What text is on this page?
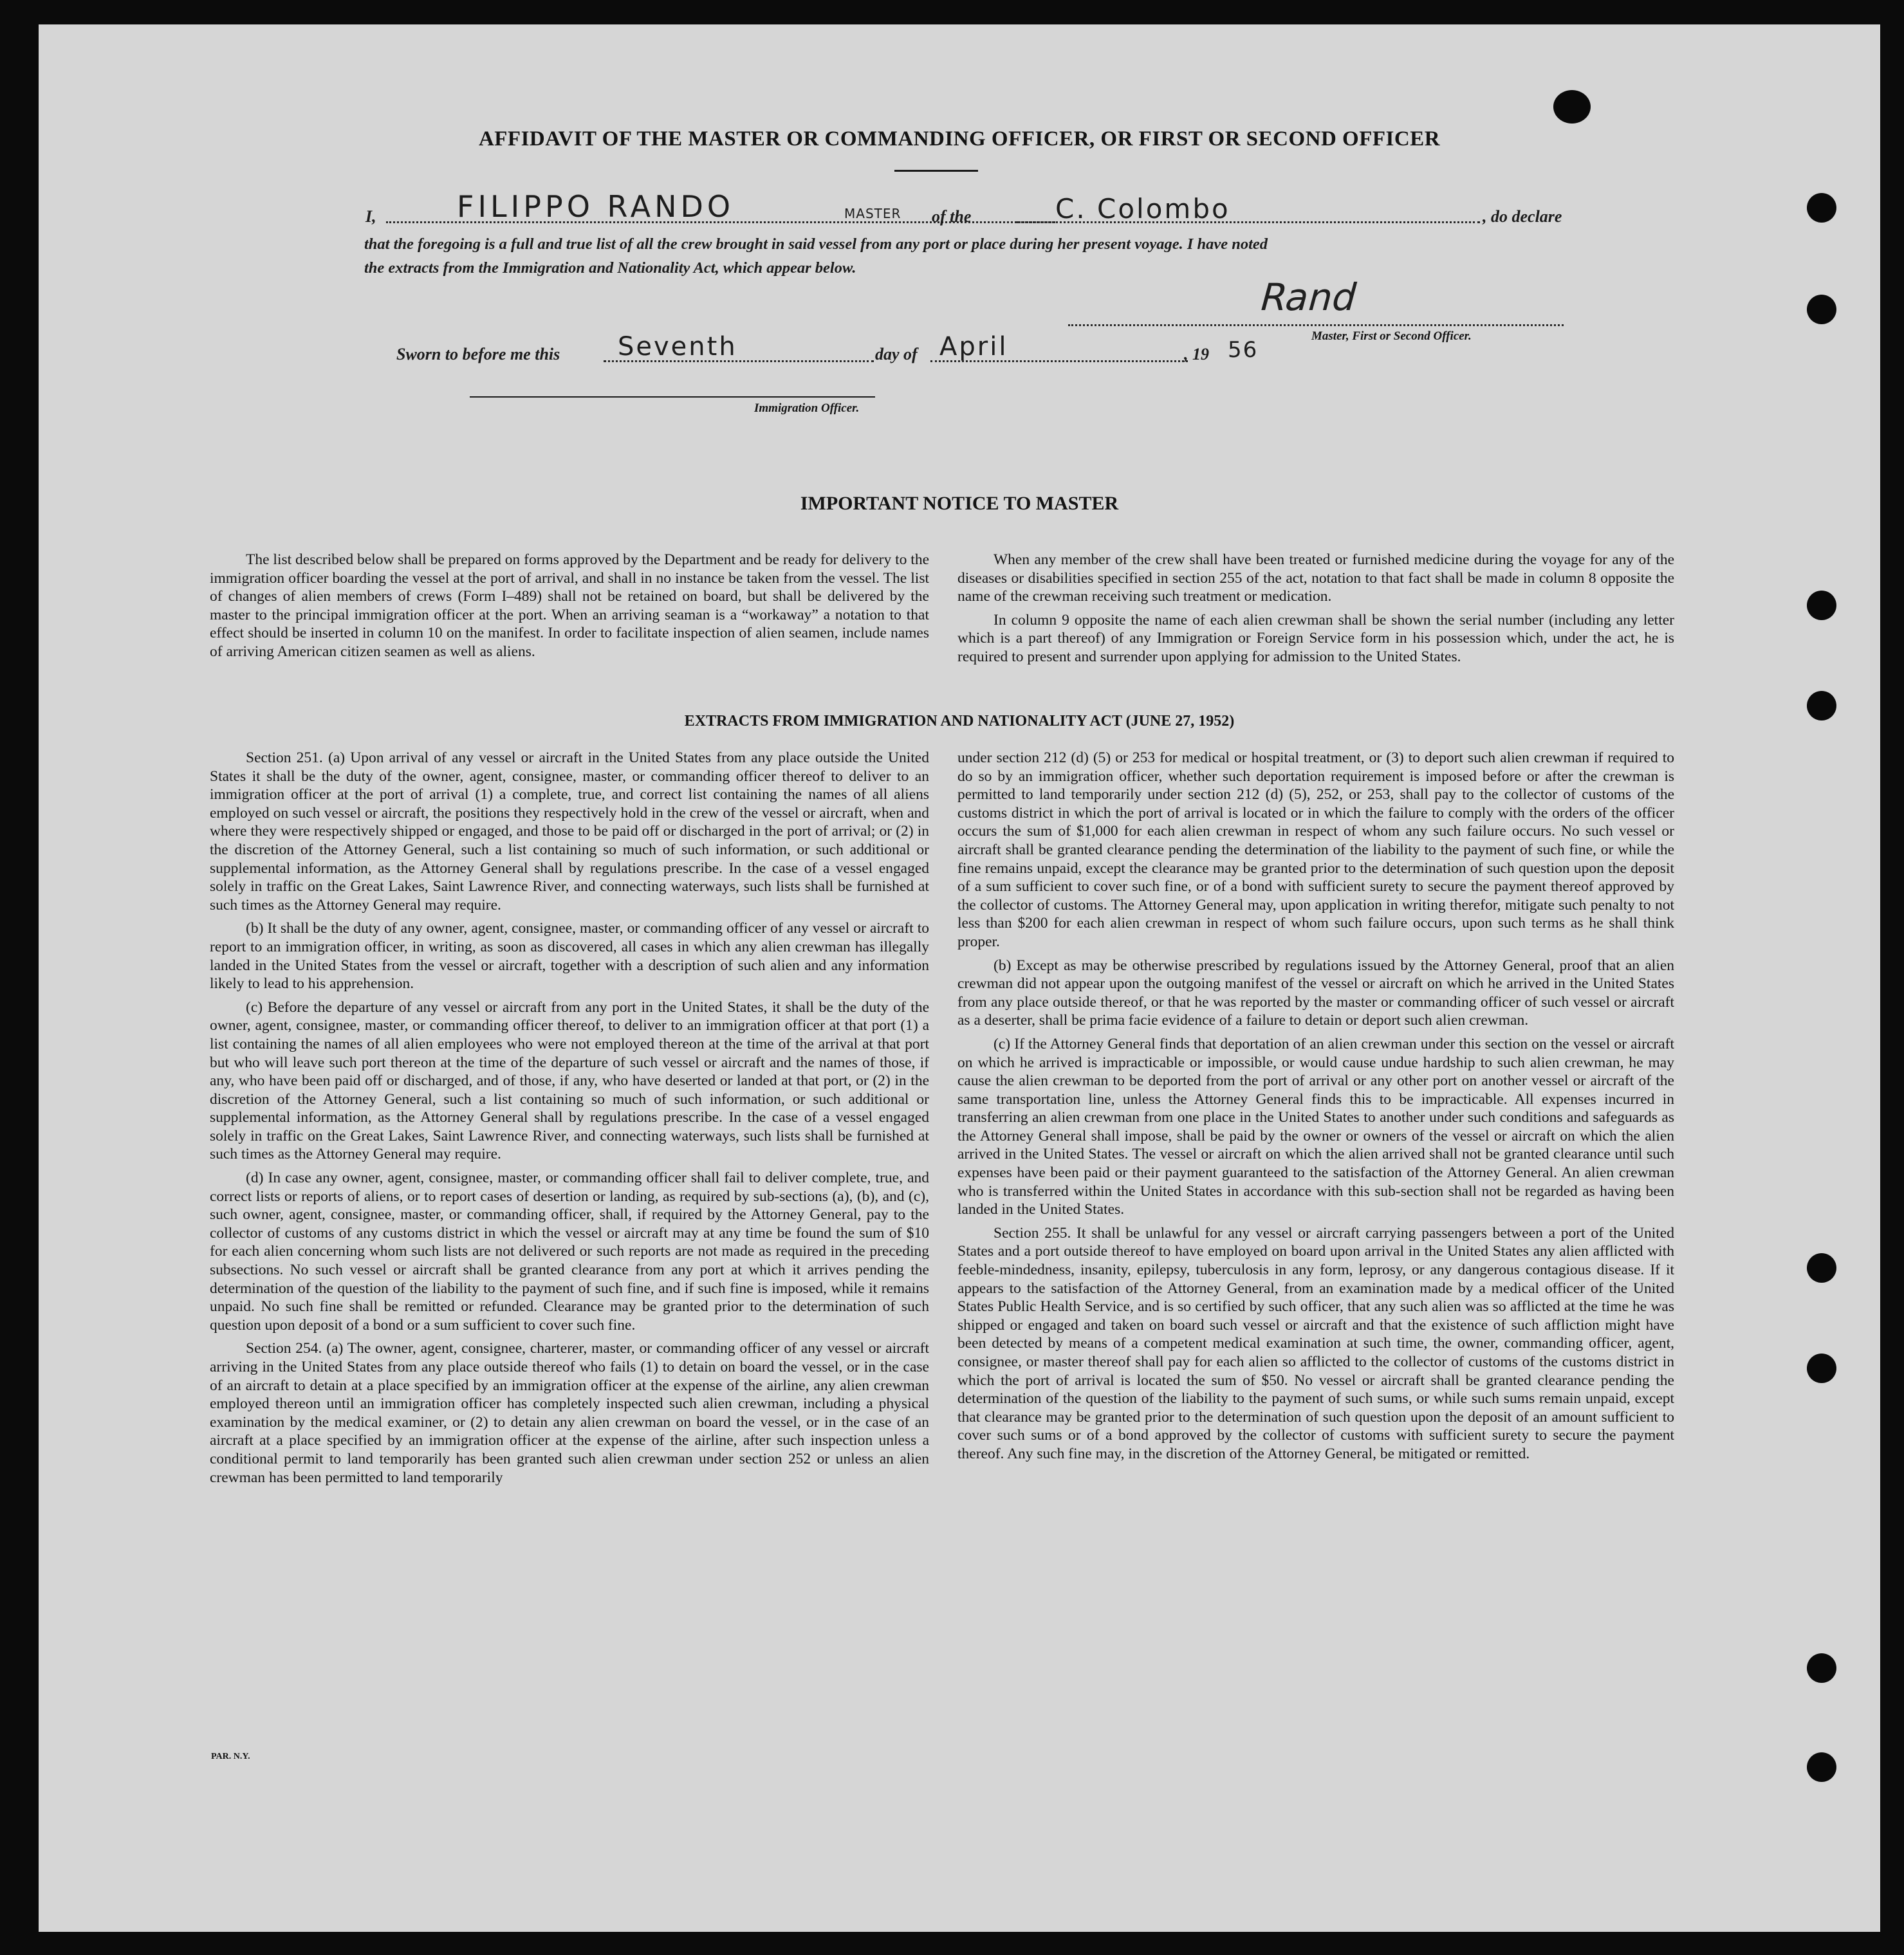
AFFIDAVIT OF THE MASTER OR COMMANDING OFFICER, OR FIRST OR SECOND OFFICER
I,	FILIPPO RANDO	MASTER of the	C. Colombo	, do declare
that the foregoing is a full and true list of all the crew brought in said vessel from any port or place during her present voyage. I have noted
the extracts from the Immigration and Nationality Act, which appear below.
Rand
Master, First or Second Officer.
Sworn to before me this Seventh	day of April	, 19 56
Immigration Officer.
IMPORTANT NOTICE TO MASTER

The list described below shall be prepared on forms approved by the Department and be ready for delivery to the immigration officer boarding the vessel at the port of arrival, and shall in no instance be taken from the vessel. The list of changes of alien members of crews (Form I–489) shall not be retained on board, but shall be delivered by the master to the principal immigration officer at the port. When an arriving seaman is a “workaway” a notation to that effect should be inserted in column 10 on the manifest. In order to facilitate inspection of alien seamen, include names of arriving American citizen seamen as well as aliens.

When any member of the crew shall have been treated or furnished medicine during the voyage for any of the diseases or disabilities specified in section 255 of the act, notation to that fact shall be made in column 8 opposite the name of the crewman receiving such treatment or medication.

In column 9 opposite the name of each alien crewman shall be shown the serial number (including any letter which is a part thereof) of any Immigration or Foreign Service form in his possession which, under the act, he is required to present and surrender upon applying for admission to the United States.

EXTRACTS FROM IMMIGRATION AND NATIONALITY ACT (JUNE 27, 1952)

Section 251. (a) Upon arrival of any vessel or aircraft in the United States from any place outside the United States it shall be the duty of the owner, agent, consignee, master, or commanding officer thereof to deliver to an immigration officer at the port of arrival (1) a complete, true, and correct list containing the names of all aliens employed on such vessel or aircraft, the positions they respectively hold in the crew of the vessel or aircraft, when and where they were respectively shipped or engaged, and those to be paid off or discharged in the port of arrival; or (2) in the discretion of the Attorney General, such a list containing so much of such information, or such additional or supplemental information, as the Attorney General shall by regulations prescribe. In the case of a vessel engaged solely in traffic on the Great Lakes, Saint Lawrence River, and connecting waterways, such lists shall be furnished at such times as the Attorney General may require.

(b) It shall be the duty of any owner, agent, consignee, master, or commanding officer of any vessel or aircraft to report to an immigration officer, in writing, as soon as discovered, all cases in which any alien crewman has illegally landed in the United States from the vessel or aircraft, together with a description of such alien and any information likely to lead to his apprehension.

(c) Before the departure of any vessel or aircraft from any port in the United States, it shall be the duty of the owner, agent, consignee, master, or commanding officer thereof, to deliver to an immigration officer at that port (1) a list containing the names of all alien employees who were not employed thereon at the time of the arrival at that port but who will leave such port thereon at the time of the departure of such vessel or aircraft and the names of those, if any, who have been paid off or discharged, and of those, if any, who have deserted or landed at that port, or (2) in the discretion of the Attorney General, such a list containing so much of such information, or such additional or supplemental information, as the Attorney General shall by regulations prescribe. In the case of a vessel engaged solely in traffic on the Great Lakes, Saint Lawrence River, and connecting waterways, such lists shall be furnished at such times as the Attorney General may require.

(d) In case any owner, agent, consignee, master, or commanding officer shall fail to deliver complete, true, and correct lists or reports of aliens, or to report cases of desertion or landing, as required by sub-sections (a), (b), and (c), such owner, agent, consignee, master, or commanding officer, shall, if required by the Attorney General, pay to the collector of customs of any customs district in which the vessel or aircraft may at any time be found the sum of $10 for each alien concerning whom such lists are not delivered or such reports are not made as required in the preceding subsections. No such vessel or aircraft shall be granted clearance from any port at which it arrives pending the determination of the question of the liability to the payment of such fine, and if such fine is imposed, while it remains unpaid. No such fine shall be remitted or refunded. Clearance may be granted prior to the determination of such question upon deposit of a bond or a sum sufficient to cover such fine.

Section 254. (a) The owner, agent, consignee, charterer, master, or commanding officer of any vessel or aircraft arriving in the United States from any place outside thereof who fails (1) to detain on board the vessel, or in the case of an aircraft to detain at a place specified by an immigration officer at the expense of the airline, any alien crewman employed thereon until an immigration officer has completely inspected such alien crewman, including a physical examination by the medical examiner, or (2) to detain any alien crewman on board the vessel, or in the case of an aircraft at a place specified by an immigration officer at the expense of the airline, after such inspection unless a conditional permit to land temporarily has been granted such alien crewman under section 252 or unless an alien crewman has been permitted to land temporarily

under section 212 (d) (5) or 253 for medical or hospital treatment, or (3) to deport such alien crewman if required to do so by an immigration officer, whether such deportation requirement is imposed before or after the crewman is permitted to land temporarily under section 212 (d) (5), 252, or 253, shall pay to the collector of customs of the customs district in which the port of arrival is located or in which the failure to comply with the orders of the officer occurs the sum of $1,000 for each alien crewman in respect of whom any such failure occurs. No such vessel or aircraft shall be granted clearance pending the determination of the liability to the payment of such fine, or while the fine remains unpaid, except the clearance may be granted prior to the determination of such question upon the deposit of a sum sufficient to cover such fine, or of a bond with sufficient surety to secure the payment thereof approved by the collector of customs. The Attorney General may, upon application in writing therefor, mitigate such penalty to not less than $200 for each alien crewman in respect of whom such failure occurs, upon such terms as he shall think proper.

(b) Except as may be otherwise prescribed by regulations issued by the Attorney General, proof that an alien crewman did not appear upon the outgoing manifest of the vessel or aircraft on which he arrived in the United States from any place outside thereof, or that he was reported by the master or commanding officer of such vessel or aircraft as a deserter, shall be prima facie evidence of a failure to detain or deport such alien crewman.

(c) If the Attorney General finds that deportation of an alien crewman under this section on the vessel or aircraft on which he arrived is impracticable or impossible, or would cause undue hardship to such alien crewman, he may cause the alien crewman to be deported from the port of arrival or any other port on another vessel or aircraft of the same transportation line, unless the Attorney General finds this to be impracticable. All expenses incurred in transferring an alien crewman from one place in the United States to another under such conditions and safeguards as the Attorney General shall impose, shall be paid by the owner or owners of the vessel or aircraft on which the alien arrived in the United States. The vessel or aircraft on which the alien arrived shall not be granted clearance until such expenses have been paid or their payment guaranteed to the satisfaction of the Attorney General. An alien crewman who is transferred within the United States in accordance with this sub-section shall not be regarded as having been landed in the United States.

Section 255. It shall be unlawful for any vessel or aircraft carrying passengers between a port of the United States and a port outside thereof to have employed on board upon arrival in the United States any alien afflicted with feeble-mindedness, insanity, epilepsy, tuberculosis in any form, leprosy, or any dangerous contagious disease. If it appears to the satisfaction of the Attorney General, from an examination made by a medical officer of the United States Public Health Service, and is so certified by such officer, that any such alien was so afflicted at the time he was shipped or engaged and taken on board such vessel or aircraft and that the existence of such affliction might have been detected by means of a competent medical examination at such time, the owner, commanding officer, agent, consignee, or master thereof shall pay for each alien so afflicted to the collector of customs of the customs district in which the port of arrival is located the sum of $50. No vessel or aircraft shall be granted clearance pending the determination of the question of the liability to the payment of such sums, or while such sums remain unpaid, except that clearance may be granted prior to the determination of such question upon the deposit of an amount sufficient to cover such sums or of a bond approved by the collector of customs with sufficient surety to secure the payment thereof. Any such fine may, in the discretion of the Attorney General, be mitigated or remitted.

PAR. N.Y.
